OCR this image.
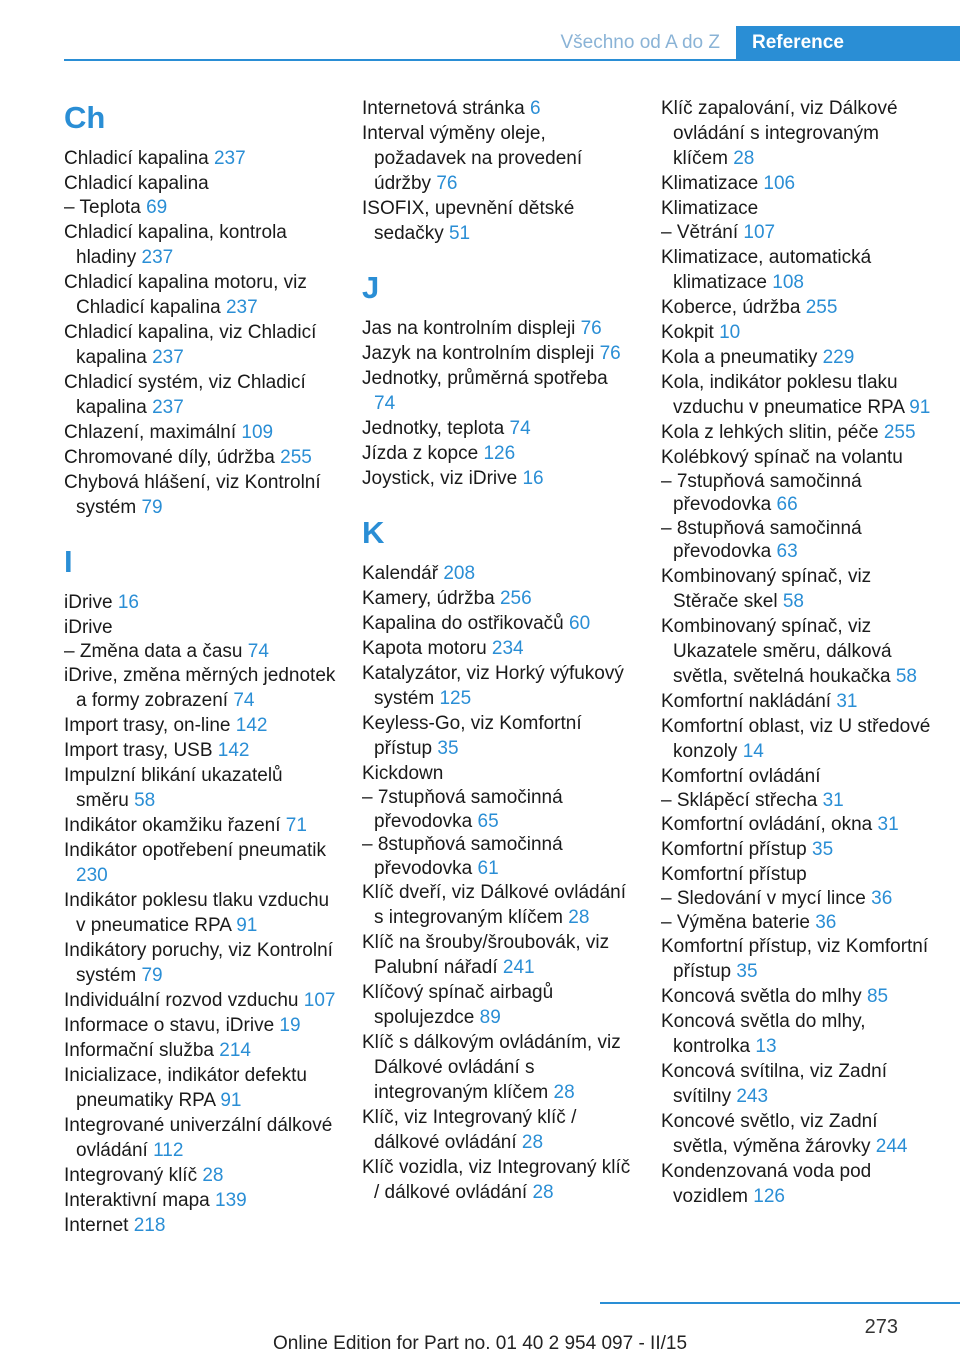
Všechno od A do Z	Reference
Ch
Chladicí kapalina 237
Chladicí kapalina
– Teplota 69
Chladicí kapalina, kontrola hladiny 237
Chladicí kapalina motoru, viz Chladicí kapalina 237
Chladicí kapalina, viz Chladicí kapalina 237
Chladicí systém, viz Chladicí kapalina 237
Chlazení, maximální 109
Chromované díly, údržba 255
Chybová hlášení, viz Kontrolní systém 79
I
iDrive 16
iDrive
– Změna data a času 74
iDrive, změna měrných jednotek a formy zobrazení 74
Import trasy, on-line 142
Import trasy, USB 142
Impulzní blikání ukazatelů směru 58
Indikátor okamžiku řazení 71
Indikátor opotřebení pneumatik 230
Indikátor poklesu tlaku vzduchu v pneumatice RPA 91
Indikátory poruchy, viz Kontrolní systém 79
Individuální rozvod vzduchu 107
Informace o stavu, iDrive 19
Informační služba 214
Inicializace, indikátor defektu pneumatiky RPA 91
Integrované univerzální dálkové ovládání 112
Integrovaný klíč 28
Interaktivní mapa 139
Internet 218
Internetová stránka 6
Interval výměny oleje, požadavek na provedení údržby 76
ISOFIX, upevnění dětské sedačky 51
J
Jas na kontrolním displeji 76
Jazyk na kontrolním displeji 76
Jednotky, průměrná spotřeba 74
Jednotky, teplota 74
Jízda z kopce 126
Joystick, viz iDrive 16
K
Kalendář 208
Kamery, údržba 256
Kapalina do ostřikovačů 60
Kapota motoru 234
Katalyzátor, viz Horký výfukový systém 125
Keyless-Go, viz Komfortní přístup 35
Kickdown
– 7stupňová samočinná převodovka 65
– 8stupňová samočinná převodovka 61
Klíč dveří, viz Dálkové ovládání s integrovaným klíčem 28
Klíč na šrouby/šroubovák, viz Palubní nářadí 241
Klíčový spínač airbagů spolujezdce 89
Klíč s dálkovým ovládáním, viz Dálkové ovládání s integrovaným klíčem 28
Klíč, viz Integrovaný klíč / dálkové ovládání 28
Klíč vozidla, viz Integrovaný klíč / dálkové ovládání 28
Klíč zapalování, viz Dálkové ovládání s integrovaným klíčem 28
Klimatizace 106
Klimatizace
– Větrání 107
Klimatizace, automatická klimatizace 108
Koberce, údržba 255
Kokpit 10
Kola a pneumatiky 229
Kola, indikátor poklesu tlaku vzduchu v pneumatice RPA 91
Kola z lehkých slitin, péče 255
Kolébkový spínač na volantu
– 7stupňová samočinná převodovka 66
– 8stupňová samočinná převodovka 63
Kombinovaný spínač, viz Stěrače skel 58
Kombinovaný spínač, viz Ukazatele směru, dálková světla, světelná houkačka 58
Komfortní nakládání 31
Komfortní oblast, viz U středové konzoly 14
Komfortní ovládání
– Sklápěcí střecha 31
Komfortní ovládání, okna 31
Komfortní přístup 35
Komfortní přístup
– Sledování v mycí lince 36
– Výměna baterie 36
Komfortní přístup, viz Komfortní přístup 35
Koncová světla do mlhy 85
Koncová světla do mlhy, kontrolka 13
Koncová svítilna, viz Zadní svítilny 243
Koncové světlo, viz Zadní světla, výměna žárovky 244
Kondenzovaná voda pod vozidlem 126
273
Online Edition for Part no. 01 40 2 954 097 - II/15
